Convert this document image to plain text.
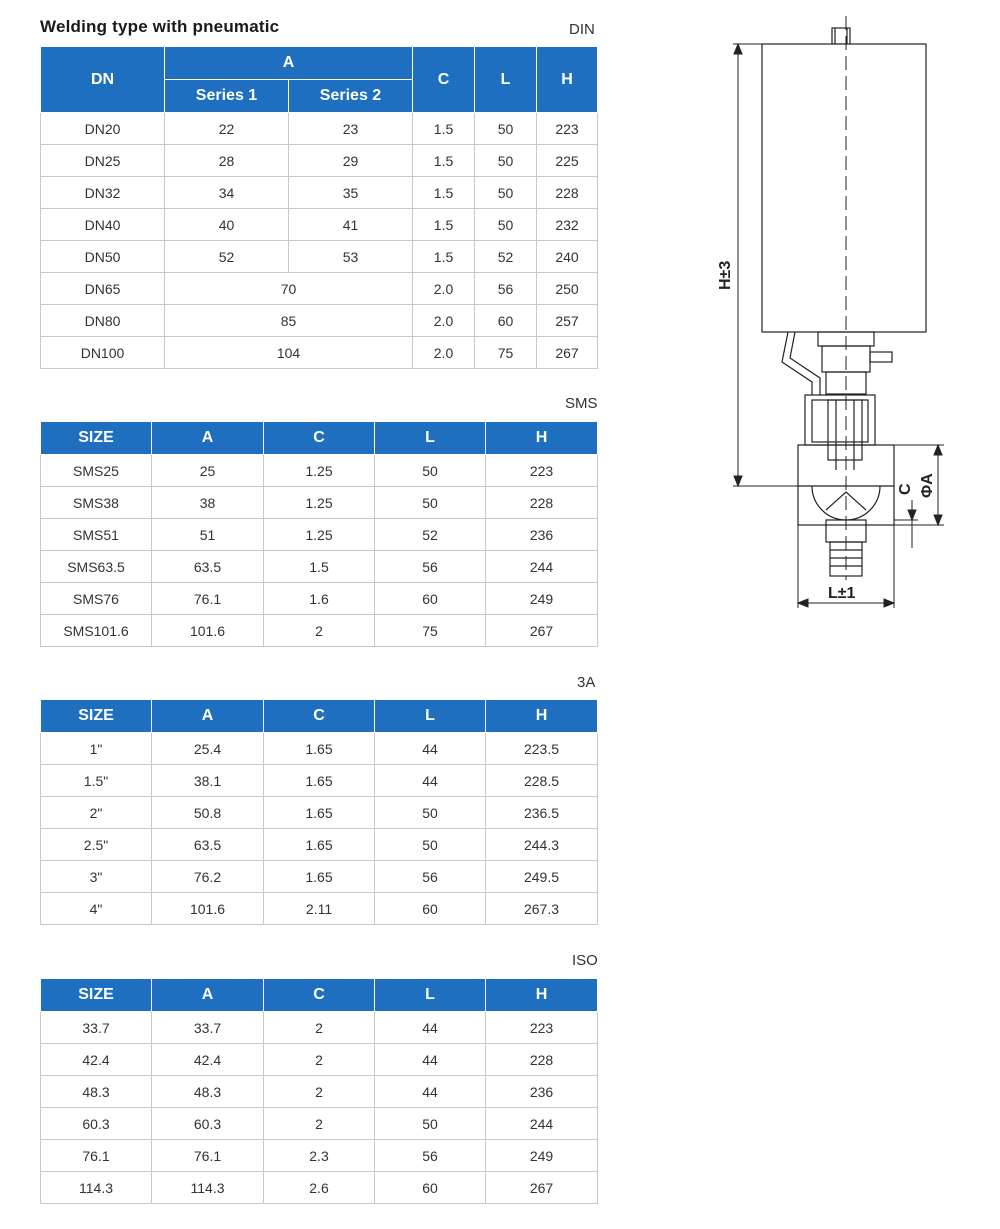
Welding type with pneumatic	DIN
DN	A		C	L	H
	Series 1	Series 2			
DN20	22	23	1.5	50	223
DN25	28	29	1.5	50	225
DN32	34	35	1.5	50	228
DN40	40	41	1.5	50	232
DN50	52	53	1.5	52	240
DN65	70		2.0	56	250
DN80	85		2.0	60	257
DN100	104		2.0	75	267
SMS
SIZE	A	C	L	H
SMS25	25	1.25	50	223
SMS38	38	1.25	50	228
SMS51	51	1.25	52	236
SMS63.5	63.5	1.5	56	244
SMS76	76.1	1.6	60	249
SMS101.6	101.6	2	75	267
3A
SIZE	A	C	L	H
1"	25.4	1.65	44	223.5
1.5"	38.1	1.65	44	228.5
2"	50.8	1.65	50	236.5
2.5"	63.5	1.65	50	244.3
3"	76.2	1.65	56	249.5
4"	101.6	2.11	60	267.3
ISO
SIZE	A	C	L	H
33.7	33.7	2	44	223
42.4	42.4	2	44	228
48.3	48.3	2	44	236
60.3	60.3	2	50	244
76.1	76.1	2.3	56	249
114.3	114.3	2.6	60	267
H±3
ΦA
C
L±1
